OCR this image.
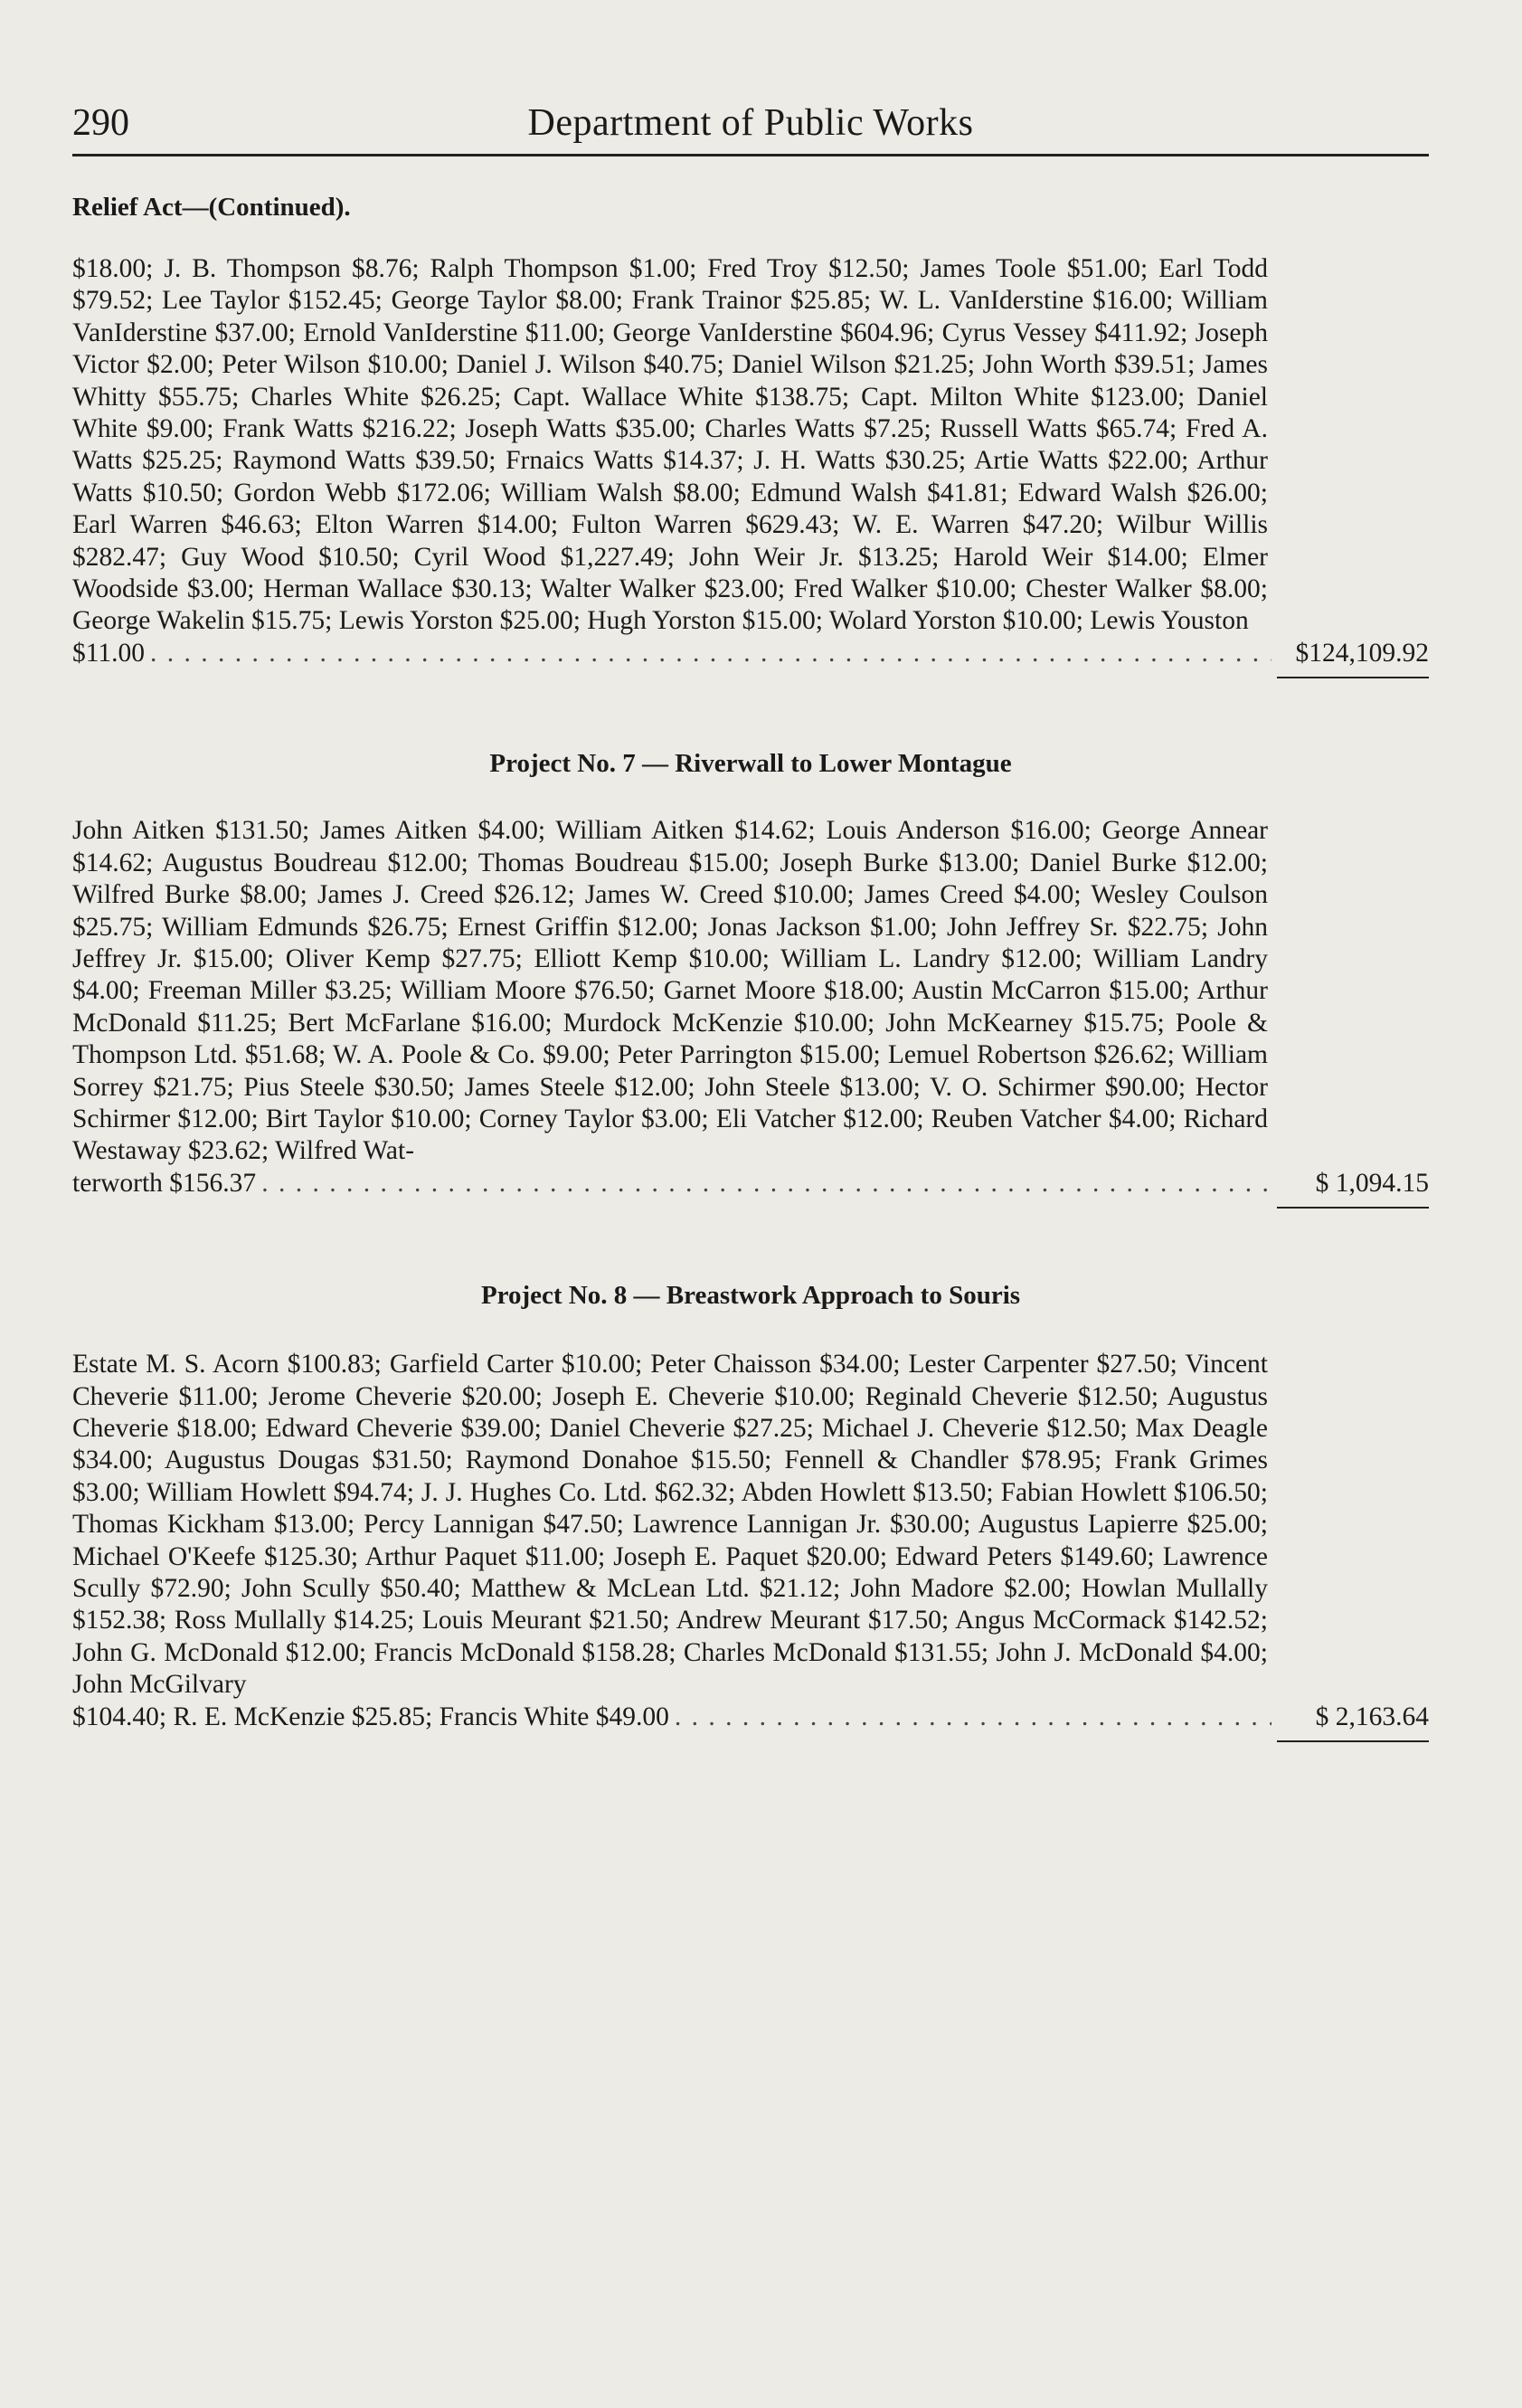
290	Department of Public Works
Relief Act—(Continued).
$18.00; J. B. Thompson $8.76; Ralph Thompson $1.00; Fred Troy $12.50; James Toole $51.00; Earl Todd $79.52; Lee Taylor $152.45; George Taylor $8.00; Frank Trainor $25.85; W. L. VanIderstine $16.00; William VanIderstine $37.00; Ernold VanIderstine $11.00; George VanIderstine $604.96; Cyrus Vessey $411.92; Joseph Victor $2.00; Peter Wilson $10.00; Daniel J. Wilson $40.75; Daniel Wilson $21.25; John Worth $39.51; James Whitty $55.75; Charles White $26.25; Capt. Wallace White $138.75; Capt. Milton White $123.00; Daniel White $9.00; Frank Watts $216.22; Joseph Watts $35.00; Charles Watts $7.25; Russell Watts $65.74; Fred A. Watts $25.25; Raymond Watts $39.50; Frnaics Watts $14.37; J. H. Watts $30.25; Artie Watts $22.00; Arthur Watts $10.50; Gordon Webb $172.06; William Walsh $8.00; Edmund Walsh $41.81; Edward Walsh $26.00; Earl Warren $46.63; Elton Warren $14.00; Fulton Warren $629.43; W. E. Warren $47.20; Wilbur Willis $282.47; Guy Wood $10.50; Cyril Wood $1,227.49; John Weir Jr. $13.25; Harold Weir $14.00; Elmer Woodside $3.00; Herman Wallace $30.13; Walter Walker $23.00; Fred Walker $10.00; Chester Walker $8.00; George Wakelin $15.75; Lewis Yorston $25.00; Hugh Yorston $15.00; Wolard Yorston $10.00; Lewis Youston
$11.00 . . .	$124,109.92
Project No. 7 — Riverwall to Lower Montague
John Aitken $131.50; James Aitken $4.00; William Aitken $14.62; Louis Anderson $16.00; George Annear $14.62; Augustus Boudreau $12.00; Thomas Boudreau $15.00; Joseph Burke $13.00; Daniel Burke $12.00; Wilfred Burke $8.00; James J. Creed $26.12; James W. Creed $10.00; James Creed $4.00; Wesley Coulson $25.75; William Edmunds $26.75; Ernest Griffin $12.00; Jonas Jackson $1.00; John Jeffrey Sr. $22.75; John Jeffrey Jr. $15.00; Oliver Kemp $27.75; Elliott Kemp $10.00; William L. Landry $12.00; William Landry $4.00; Freeman Miller $3.25; William Moore $76.50; Garnet Moore $18.00; Austin McCarron $15.00; Arthur McDonald $11.25; Bert McFarlane $16.00; Murdock McKenzie $10.00; John McKearney $15.75; Poole & Thompson Ltd. $51.68; W. A. Poole & Co. $9.00; Peter Parrington $15.00; Lemuel Robertson $26.62; William Sorrey $21.75; Pius Steele $30.50; James Steele $12.00; John Steele $13.00; V. O. Schirmer $90.00; Hector Schirmer $12.00; Birt Taylor $10.00; Corney Taylor $3.00; Eli Vatcher $12.00; Reuben Vatcher $4.00; Richard Westaway $23.62; Wilfred Wat-
terworth $156.37 . . .	$ 1,094.15
Project No. 8 — Breastwork Approach to Souris
Estate M. S. Acorn $100.83; Garfield Carter $10.00; Peter Chaisson $34.00; Lester Carpenter $27.50; Vincent Cheverie $11.00; Jerome Cheverie $20.00; Joseph E. Cheverie $10.00; Reginald Cheverie $12.50; Augustus Cheverie $18.00; Edward Cheverie $39.00; Daniel Cheverie $27.25; Michael J. Cheverie $12.50; Max Deagle $34.00; Augustus Dougas $31.50; Raymond Donahoe $15.50; Fennell & Chandler $78.95; Frank Grimes $3.00; William Howlett $94.74; J. J. Hughes Co. Ltd. $62.32; Abden Howlett $13.50; Fabian Howlett $106.50; Thomas Kickham $13.00; Percy Lannigan $47.50; Lawrence Lannigan Jr. $30.00; Augustus Lapierre $25.00; Michael O'Keefe $125.30; Arthur Paquet $11.00; Joseph E. Paquet $20.00; Edward Peters $149.60; Lawrence Scully $72.90; John Scully $50.40; Matthew & McLean Ltd. $21.12; John Madore $2.00; Howlan Mullally $152.38; Ross Mullally $14.25; Louis Meurant $21.50; Andrew Meurant $17.50; Angus McCormack $142.52; John G. McDonald $12.00; Francis McDonald $158.28; Charles McDonald $131.55; John J. McDonald $4.00; John McGilvary
$104.40; R. E. McKenzie $25.85; Francis White $49.00 . . .	$ 2,163.64
